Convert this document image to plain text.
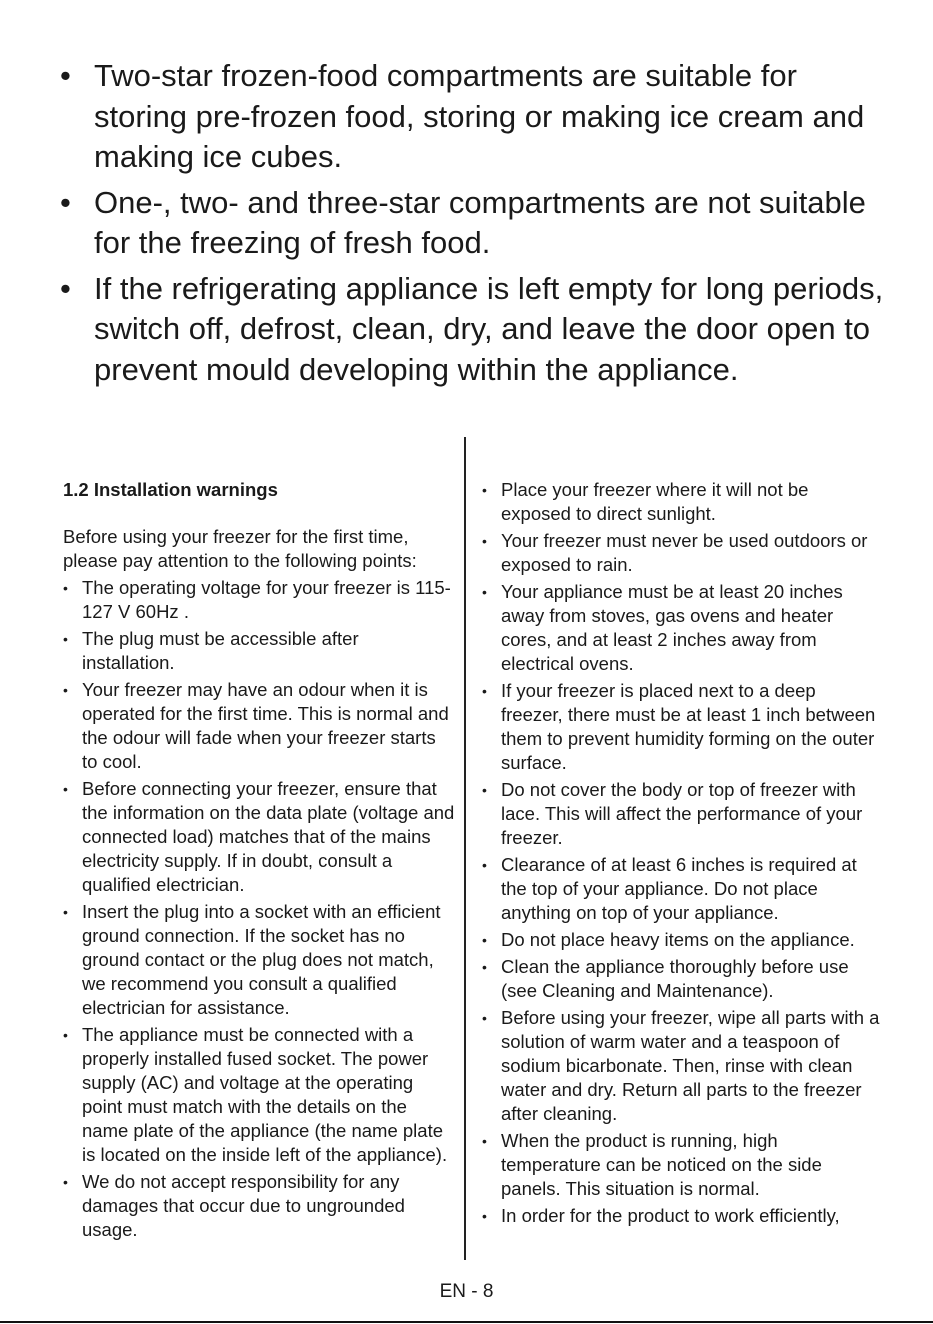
• Two-star frozen-food compartments are suitable for storing pre-frozen food, storing or making ice cream and making ice cubes.
• One-, two- and three-star compartments are not suitable for the freezing of fresh food.
• If the refrigerating appliance is left empty for long periods, switch off, defrost, clean, dry, and leave the door open to prevent mould developing within the appliance.
1.2 Installation warnings

Before using your freezer for the first time, please pay attention to the following points:

• The operating voltage for your freezer is 115-127 V 60Hz .
• The plug must be accessible after installation.
• Your freezer may have an odour when it is operated for the first time. This is normal and the odour will fade when your freezer starts to cool.
• Before connecting your freezer, ensure that the information on the data plate (voltage and connected load) matches that of the mains electricity supply. If in doubt, consult a qualified electrician.
• Insert the plug into a socket with an efficient ground connection. If the socket has no ground contact or the plug does not match, we recommend you consult a qualified electrician for assistance.
• The appliance must be connected with a properly installed fused socket. The power supply (AC) and voltage at the operating point must match with the details on the name plate of the appliance (the name plate is located on the inside left of the appliance).
• We do not accept responsibility for any damages that occur due to ungrounded usage.
• Place your freezer where it will not be exposed to direct sunlight.
• Your freezer must never be used outdoors or exposed to rain.
• Your appliance must be at least 20 inches away from stoves, gas ovens and heater cores, and at least 2 inches away from electrical ovens.
• If your freezer is placed next to a deep freezer, there must be at least 1 inch between them to prevent humidity forming on the outer surface.
• Do not cover the body or top of freezer with lace. This will affect the performance of your freezer.
• Clearance of at least 6 inches is required at the top of your appliance. Do not place anything on top of your appliance.
• Do not place heavy items on the appliance.
• Clean the appliance thoroughly before use (see Cleaning and Maintenance).
• Before using your freezer, wipe all parts with a solution of warm water and a teaspoon of sodium bicarbonate. Then, rinse with clean water and dry. Return all parts to the freezer after cleaning.
• When the product is running, high temperature can be noticed on the side panels. This situation is normal.
• In order for the product to work efficiently,
EN - 8
